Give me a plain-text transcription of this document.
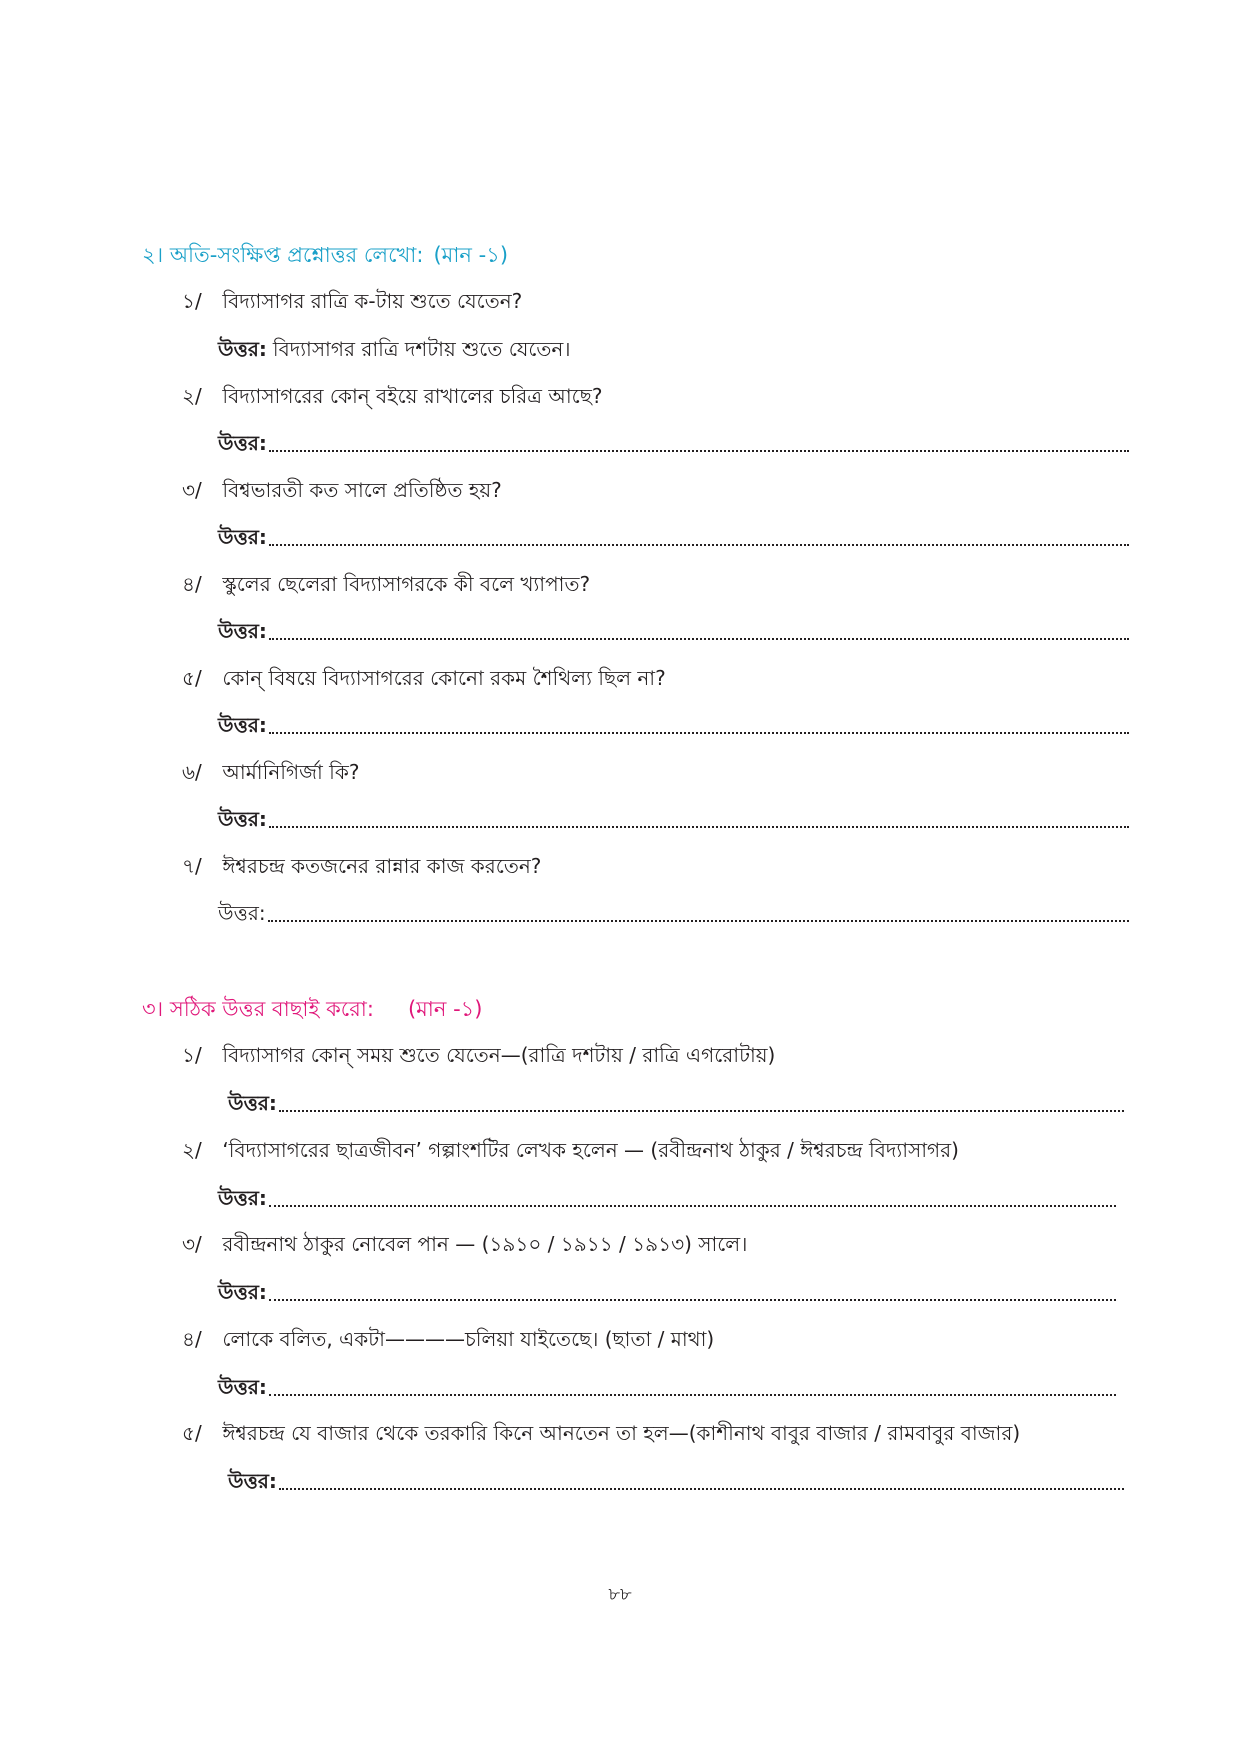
২। অতি-সংক্ষিপ্ত প্রশ্নোত্তর লেখো: (মান -১)
১/ বিদ্যাসাগর রাত্রি ক-টায় শুতে যেতেন?
উত্তর: বিদ্যাসাগর রাত্রি দশটায় শুতে যেতেন।
২/ বিদ্যাসাগরের কোন্ বইয়ে রাখালের চরিত্র আছে?
উত্তর:
৩/ বিশ্বভারতী কত সালে প্রতিষ্ঠিত হয়?
উত্তর:
৪/ স্কুলের ছেলেরা বিদ্যাসাগরকে কী বলে খ্যাপাত?
উত্তর:
৫/ কোন্ বিষয়ে বিদ্যাসাগরের কোনো রকম শৈথিল্য ছিল না?
উত্তর:
৬/ আর্মানিগির্জা কি?
উত্তর:
৭/ ঈশ্বরচন্দ্র কতজনের রান্নার কাজ করতেন?
উত্তর:
৩। সঠিক উত্তর বাছাই করো: (মান -১)
১/ বিদ্যাসাগর কোন্ সময় শুতে যেতেন—(রাত্রি দশটায় / রাত্রি এগরোটায়)
উত্তর:
২/ ‘বিদ্যাসাগরের ছাত্রজীবন’ গল্পাংশটির লেখক হলেন — (রবীন্দ্রনাথ ঠাকুর / ঈশ্বরচন্দ্র বিদ্যাসাগর)
উত্তর:
৩/ রবীন্দ্রনাথ ঠাকুর নোবেল পান — (১৯১০ / ১৯১১ / ১৯১৩) সালে।
উত্তর:
৪/ লোকে বলিত, একটা————চলিয়া যাইতেছে। (ছাতা / মাথা)
উত্তর:
৫/ ঈশ্বরচন্দ্র যে বাজার থেকে তরকারি কিনে আনতেন তা হল—(কাশীনাথ বাবুর বাজার / রামবাবুর বাজার)
উত্তর:
৮৮
